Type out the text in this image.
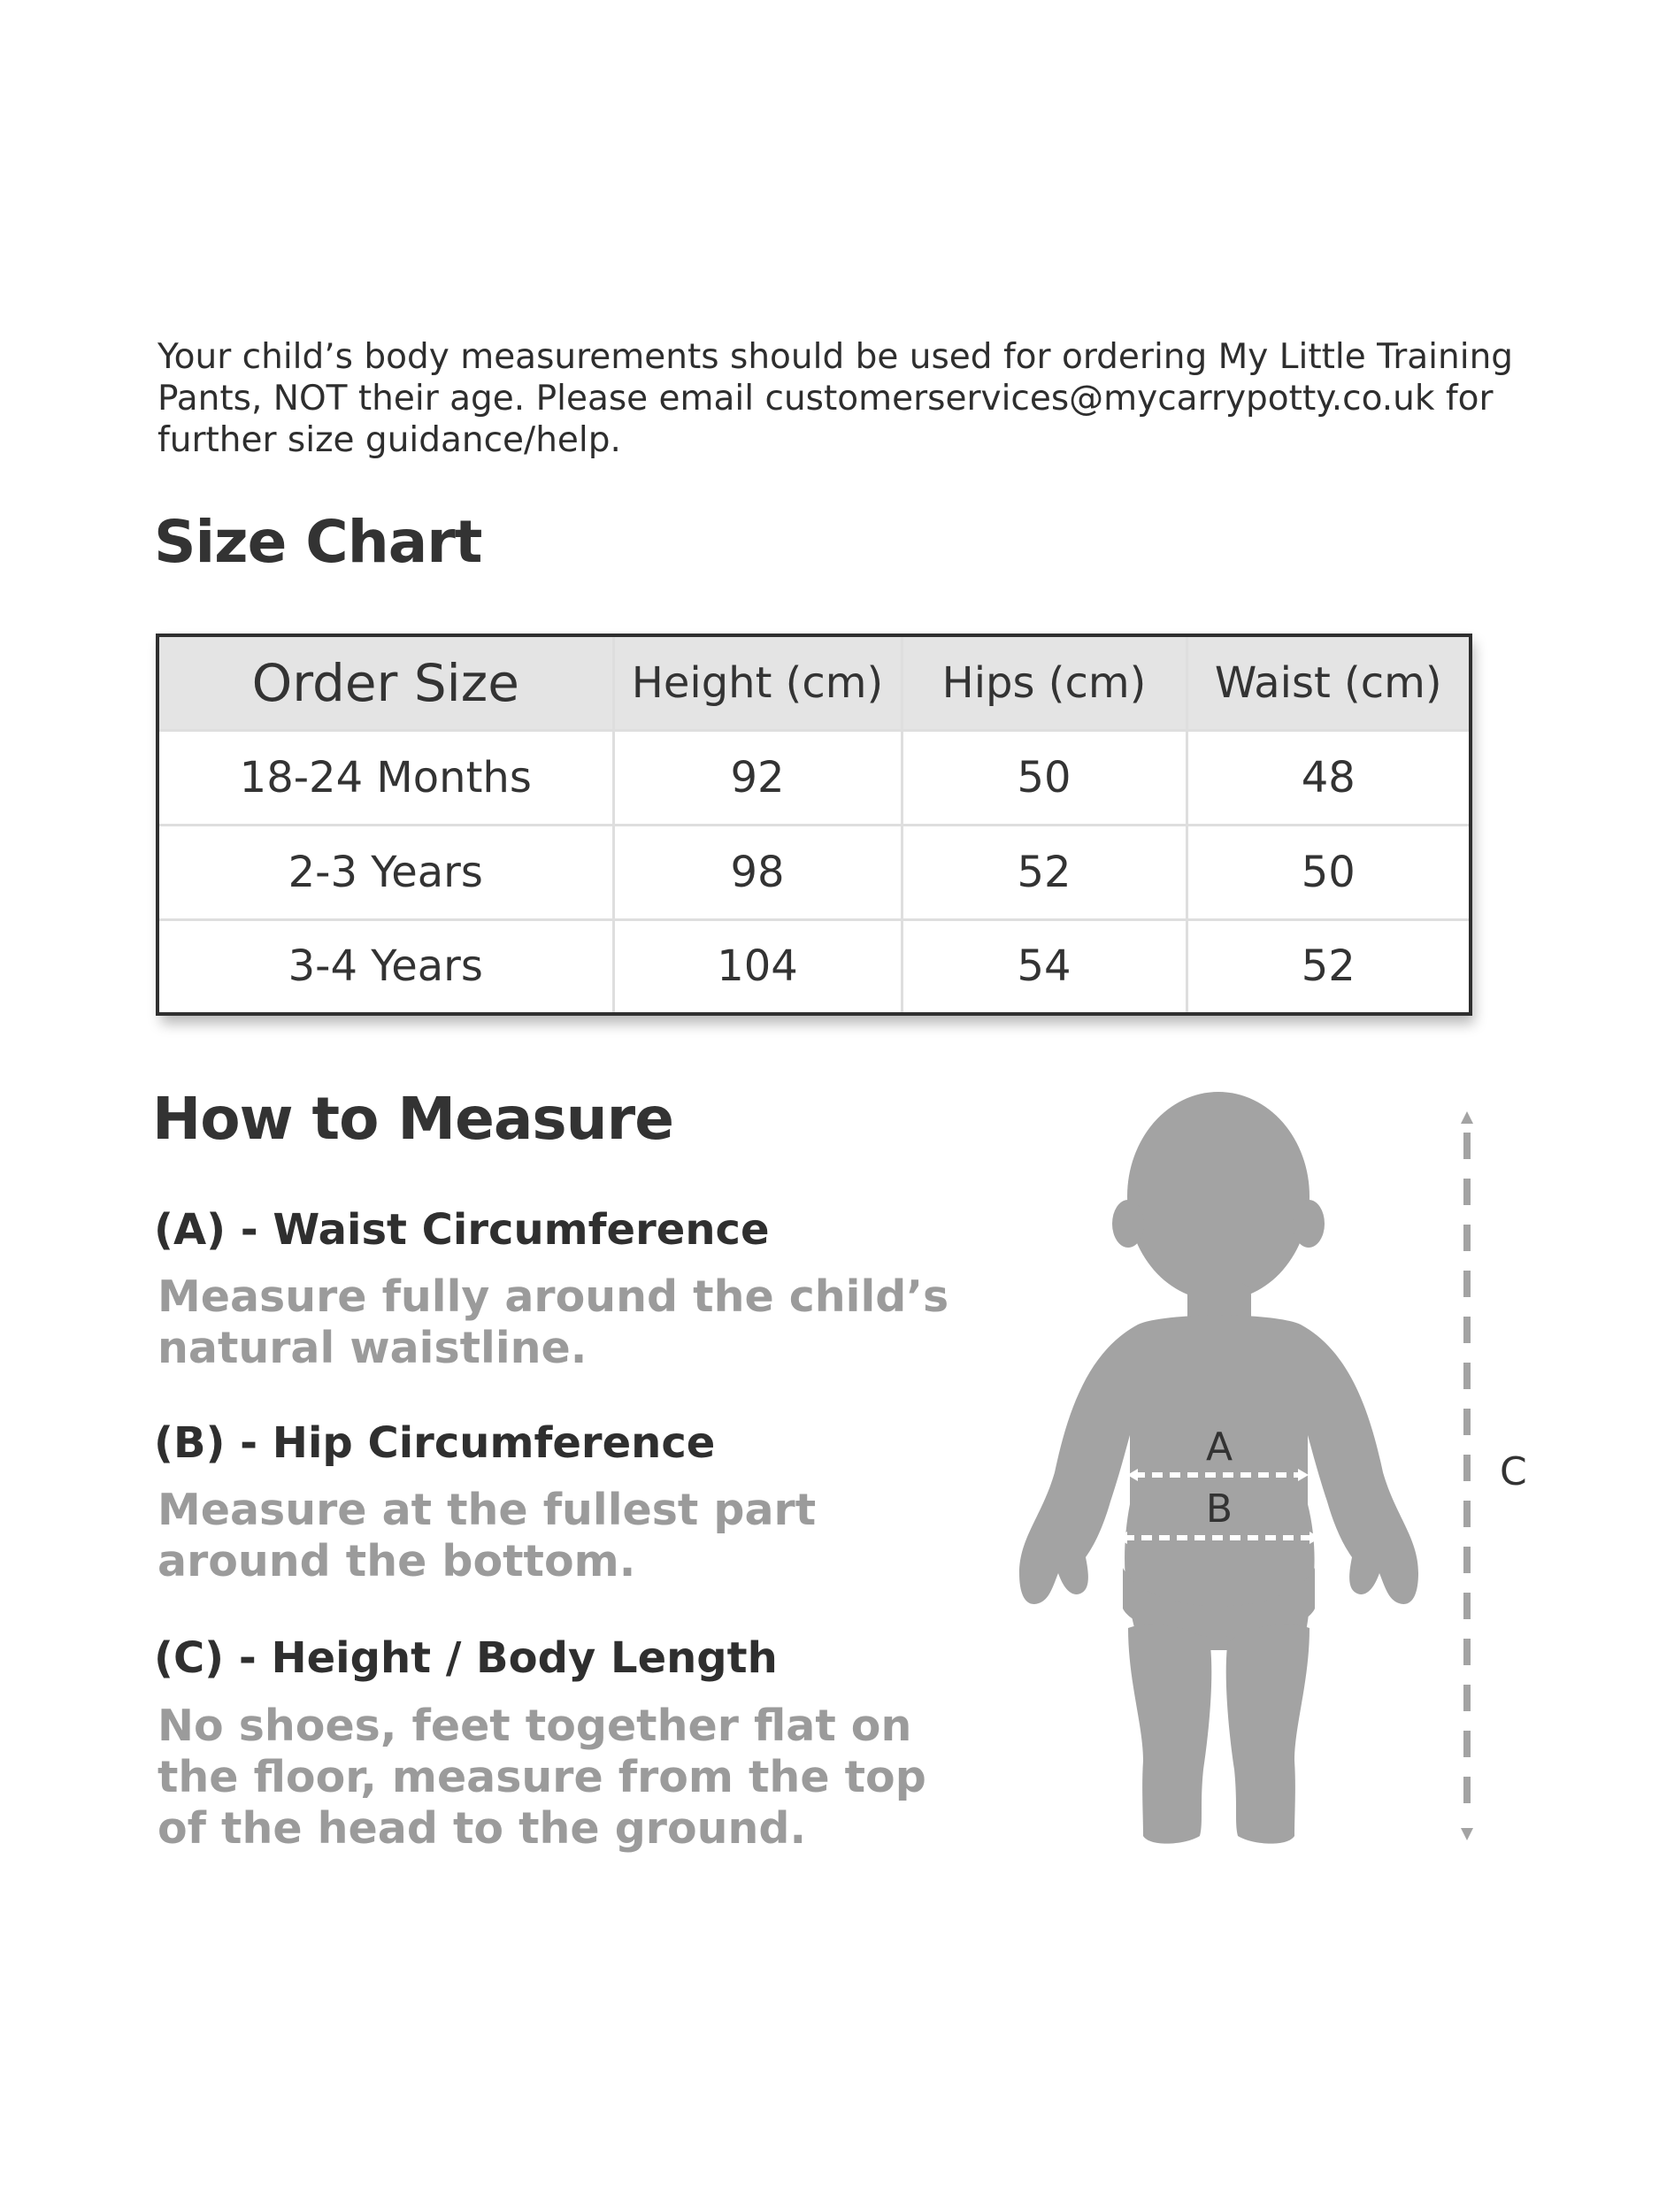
Your child’s body measurements should be used for ordering My Little Training Pants, NOT their age. Please email customerservices@mycarrypotty.co.uk for further size guidance/help.

Size Chart
Order Size	Height (cm)	Hips (cm)	Waist (cm)
18-24 Months	92	50	48
2-3 Years	98	52	50
3-4 Years	104	54	52
How to Measure
(A) - Waist Circumference

Measure fully around the child’s natural waistline.

(B) - Hip Circumference

Measure at the fullest part around the bottom.

(C) - Height / Body Length

No shoes, feet together flat on the floor, measure from the top of the head to the ground.

A
B
C
